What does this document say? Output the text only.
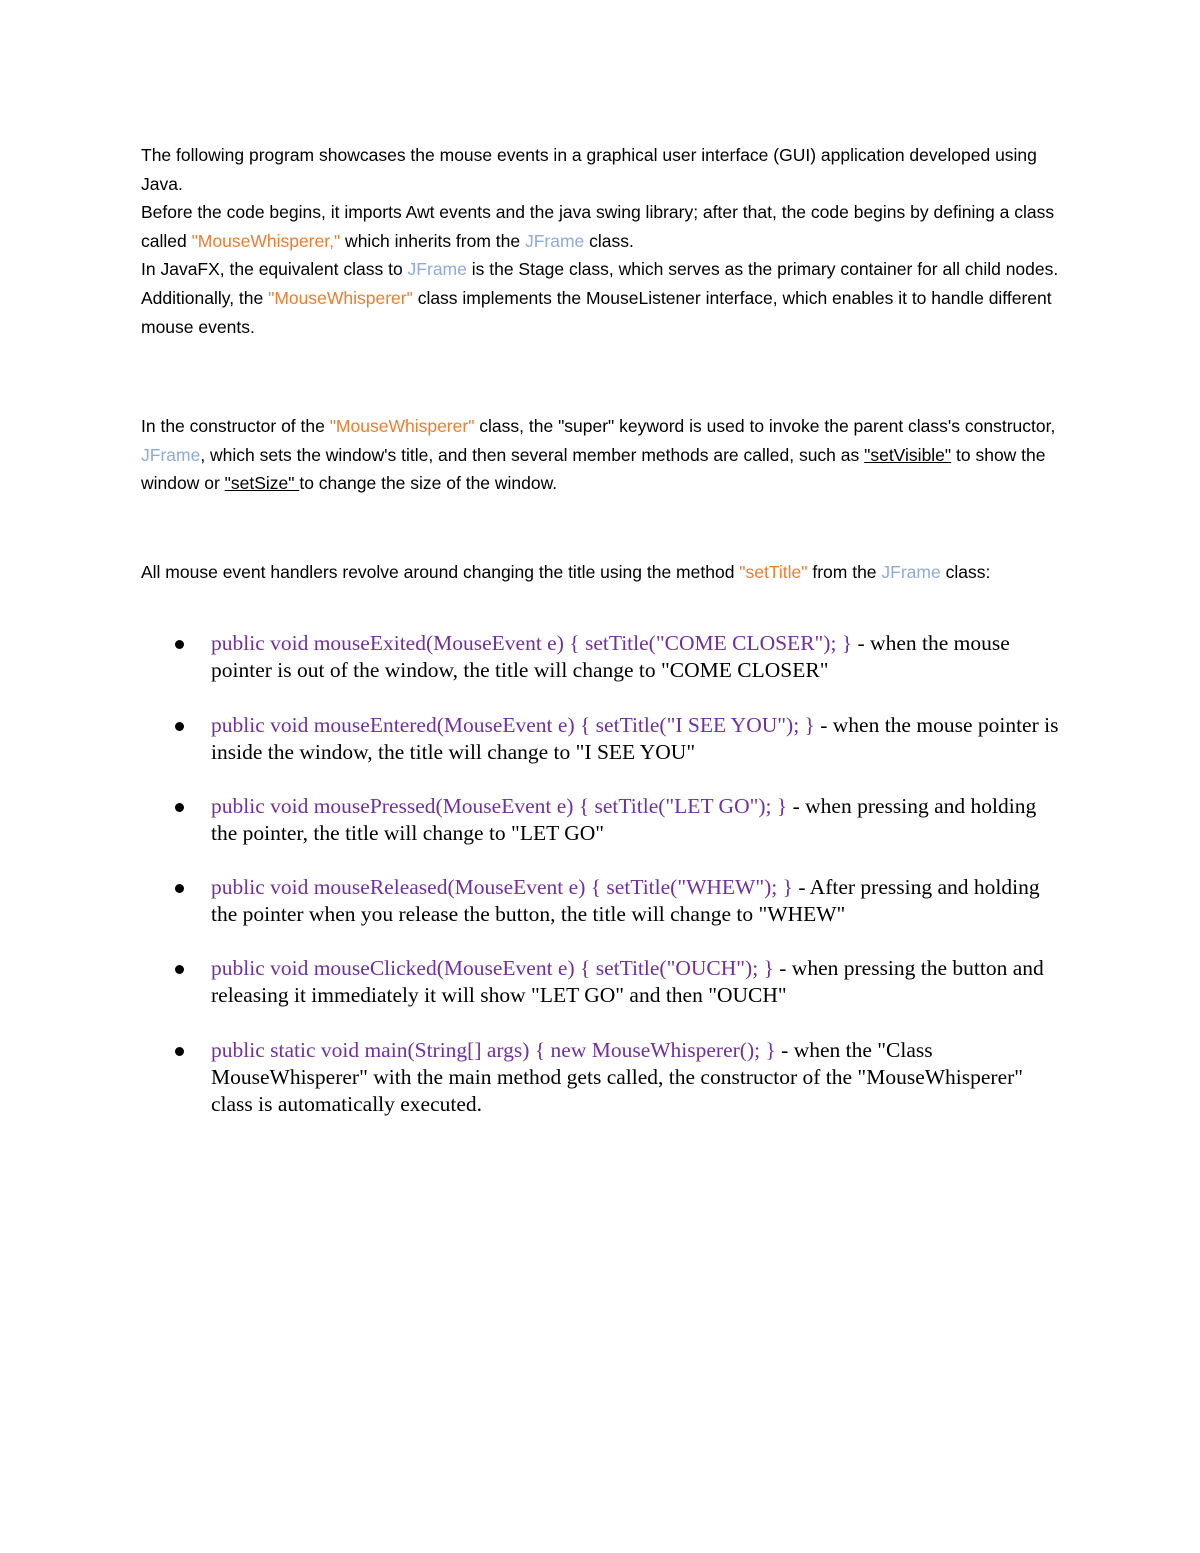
The following program showcases the mouse events in a graphical user interface (GUI) application developed using Java.

Before the code begins, it imports Awt events and the java swing library; after that, the code begins by defining a class called "MouseWhisperer," which inherits from the JFrame class.

In JavaFX, the equivalent class to JFrame is the Stage class, which serves as the primary container for all child nodes.

Additionally, the "MouseWhisperer" class implements the MouseListener interface, which enables it to handle different mouse events.

In the constructor of the "MouseWhisperer" class, the "super" keyword is used to invoke the parent class's constructor, JFrame, which sets the window's title, and then several member methods are called, such as "setVisible" to show the window or "setSize" to change the size of the window.

All mouse event handlers revolve around changing the title using the method "setTitle" from the JFrame class:

public void mouseExited(MouseEvent e) { setTitle("COME CLOSER"); } - when the mouse pointer is out of the window, the title will change to "COME CLOSER"
public void mouseEntered(MouseEvent e) { setTitle("I SEE YOU"); } - when the mouse pointer is inside the window, the title will change to "I SEE YOU"
public void mousePressed(MouseEvent e) { setTitle("LET GO"); } - when pressing and holding the pointer, the title will change to "LET GO"
public void mouseReleased(MouseEvent e) { setTitle("WHEW"); } - After pressing and holding the pointer when you release the button, the title will change to "WHEW"
public void mouseClicked(MouseEvent e) { setTitle("OUCH"); } - when pressing the button and releasing it immediately it will show "LET GO" and then "OUCH"
public static void main(String[] args) { new MouseWhisperer(); } - when the "Class MouseWhisperer" with the main method gets called, the constructor of the "MouseWhisperer" class is automatically executed.
